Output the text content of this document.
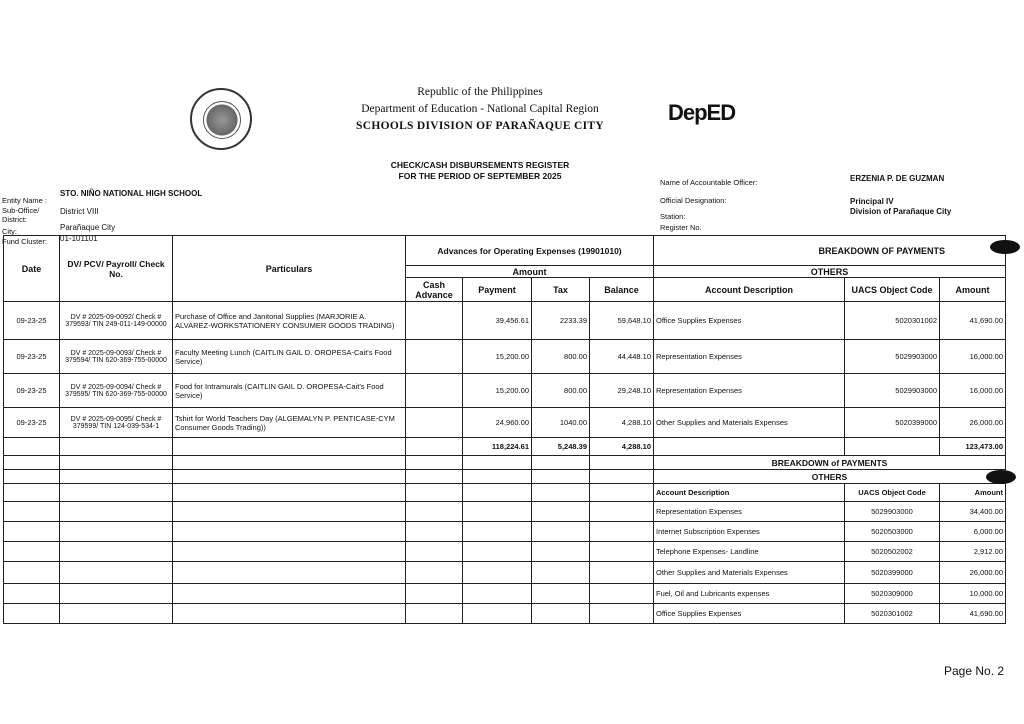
Republic of the Philippines
Department of Education - National Capital Region
SCHOOLS DIVISION OF PARAÑAQUE CITY
DepED
CHECK/CASH DISBURSEMENTS REGISTER
FOR THE PERIOD OF SEPTEMBER 2025
Entity Name :
STO. NIÑO NATIONAL HIGH SCHOOL
Sub-Office/
District:
District VIII
City:	Parañaque City
Fund Cluster: 01-101101
Name of Accountable Officer:	ERZENIA P. DE GUZMAN
Official Designation:	Principal IV
Station:
Division of Parañaque City
Register No.
Date	DV/ PCV/ Payroll/ Check No.	Particulars	Advances for Operating Expenses (19901010)				BREAKDOWN OF PAYMENTS		
			Amount				OTHERS		
			Cash Advance	Payment	Tax	Balance	Account Description	UACS Object Code	Amount
09-23-25	DV # 2025-09-0092/ Check # 379593/ TIN 249-011-149-00000	Purchase of Office and Janitorial Supplies (MARJORIE A. ALVAREZ-WORKSTATIONERY CONSUMER GOODS TRADING)		39,456.61	2233.39	59,648.10	Office Supplies Expenses	5020301002	41,690.00
09-23-25	DV # 2025-09-0093/ Check # 379594/ TIN 620-369-755-00000	Faculty Meeting Lunch (CAITLIN GAIL D. OROPESA-Cait's Food Service)		15,200.00	800.00	44,448.10	Representation Expenses	5029903000	16,000.00
09-23-25	DV # 2025-09-0094/ Check # 379595/ TIN 620-369-755-00000	Food for Intramurals (CAITLIN GAIL D. OROPESA-Cait's Food Service)		15,200.00	800.00	29,248.10	Representation Expenses	5029903000	16,000.00
09-23-25	DV # 2025-09-0095/ Check # 379599/ TIN 124-039-534-1	Tshirt for World Teachers Day (ALGEMALYN P. PENTICASE-CYM Consumer Goods Trading))		24,960.00	1040.00	4,288.10	Other Supplies and Materials Expenses	5020399000	26,000.00
				118,224.61	5,248.39	4,288.10			123,473.00
							BREAKDOWN of PAYMENTS		
							OTHERS		
							Account Description	UACS Object Code	Amount
							Representation Expenses	5029903000	34,400.00
							Internet Subscription Expenses	5020503000	6,000.00
							Telephone Expenses- Landline	5020502002	2,912.00
							Other Supplies and Materials Expenses	5020399000	26,000.00
							Fuel, Oil and Lubricants expenses	5020309000	10,000.00
							Office Supplies Expenses	5020301002	41,690.00
Page No. 2
